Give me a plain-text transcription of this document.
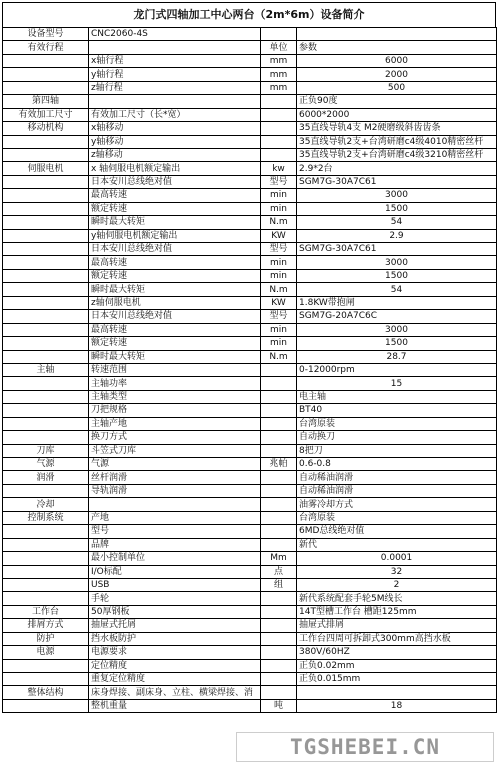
龙门式四轴加工中心两台（2m*6m）设备简介
设备型号	CNC2060-4S		
有效行程		单位	参数
	x轴行程	mm	6000
	y轴行程	mm	2000
	z轴行程	mm	500
第四轴			正负90度
有效加工尺寸	有效加工尺寸（长*宽）		6000*2000
移动机构	x轴移动		35直线导轨4支 M2硬磨级斜齿齿条
	y轴移动		35直线导轨2支+台湾研磨c4级4010精密丝杆
	z轴移动		35直线导轨2支+台湾研磨c4级3210精密丝杆
伺服电机	x 轴伺服电机额定输出	kw	2.9*2台
	日本安川总线绝对值	型号	SGM7G-30A7C61
	最高转速	min	3000
	额定转速	min	1500
	瞬时最大转矩	N.m	54
	y轴伺服电机额定输出	KW	2.9
	日本安川总线绝对值	型号	SGM7G-30A7C61
	最高转速	min	3000
	额定转速	min	1500
	瞬时最大转矩	N.m	54
	z轴伺服电机	KW	1.8KW带抱闸
	日本安川总线绝对值	型号	SGM7G-20A7C6C
	最高转速	min	3000
	额定转速	min	1500
	瞬时最大转矩	N.m	28.7
主轴	转速范围		0-12000rpm
	主轴功率		15
	主轴类型		电主轴
	刀把规格		BT40
	主轴产地		台湾原装
	换刀方式		自动换刀
刀库	斗笠式刀库		8把刀
气源	气源	兆帕	0.6-0.8
润滑	丝杆润滑		自动稀油润滑
	导轨润滑		自动稀油润滑
冷却			油雾冷却方式
控制系统	产地		台湾原装
	型号		6MD总线绝对值
	品牌		新代
	最小控制单位	Mm	0.0001
	I/O标配	点	32
	USB	组	2
	手轮		新代系统配套手轮5M线长
工作台	50厚钢板		14T型槽工作台 槽距125mm
排屑方式	抽屉式托屑		抽屉式排屑
防护	挡水板防护		工作台四周可拆卸式300mm高挡水板
电源	电源要求		380V/60HZ
	定位精度		正负0.02mm
	重复定位精度		正负0.015mm
整体结构	床身焊接、副床身、立柱、横梁焊接、消		
	整机重量	吨	18
TGSHEBEI.CN
